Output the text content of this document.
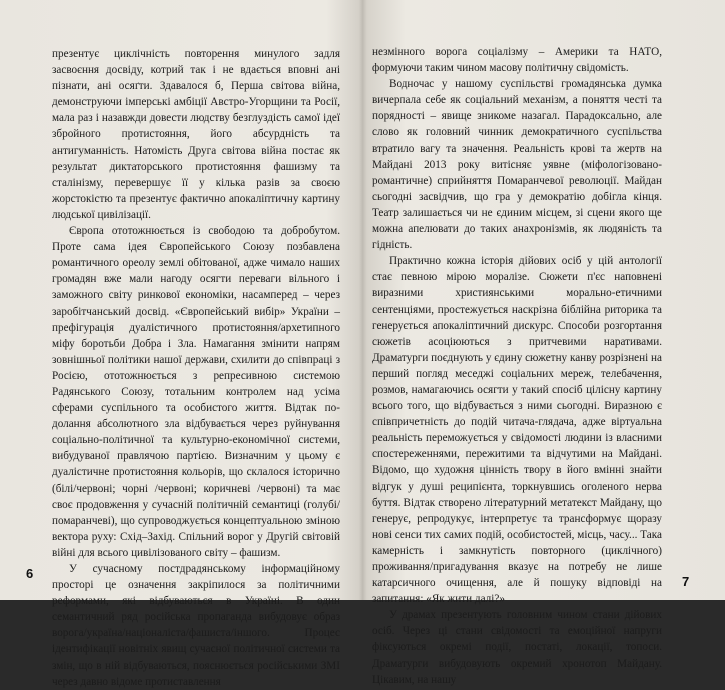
презентує циклічність повторення минулого задля засвоєння досвіду, котрий так і не вдається вповні ані пізнати, ані осяґти. Здавалося б, Перша світова війна, демонструючи імперські амбіції Австро-Угорщини та Росії, мала раз і назавжди довести людству безглуздість самої ідеї збройного протистояння, його абсурдність та антигуманність. Натомість Друга світова війна постає як результат диктаторського протистояння фашизму та сталінізму, перевершує її у кілька разів за своєю жорстокістю та презентує фактично апокаліптичну картину людської цивілізації.

Європа ототожнюється із свободою та добробутом. Проте сама ідея Європейського Союзу позбавлена романтичного ореолу землі обітованої, адже чимало наших громадян вже мали нагоду осягти переваги вільного і заможного світу ринкової економіки, насамперед – через заробітчанський досвід. «Європейський вибір» України – префігурація дуалістичного протистояння/архетипного міфу боротьби Добра і Зла. Намагання змінити напрям зовнішньої політики нашої держави, схилити до співпраці з Росією, ототожнюється з репресивною системою Радянського Союзу, тотальним контролем над усіма сферами суспільного та особистого життя. Відтак по-долання абсолютного зла відбувається через руйнування соціально-політичної та культурно-економічної системи, вибудуваної правлячою партією. Визначним у цьому є дуалістичне протистояння кольорів, що склалося історично (білі/червоні; чорні /червоні; коричневі /червоні) та має своє продовження у сучасній політичній семантиці (голубі/помаранчеві), що супроводжується концептуальною зміною вектора руху: Схід–Захід. Спільний ворог у Другій світовій війні для всього цивілізованого світу – фашизм.

У сучасному постдрадянському інформаційному просторі це означення закріпилося за політичними реформами, які відбуваються в Україні. В один семантичний ряд російська пропаганда вибудовує образ ворога/україна/націоналіста/фашиста/іншого. Процес ідентифікації новітніх явищ сучасної політичної системи та змін, що в ній відбуваються, пояснюється російськими ЗМІ через давно відоме протиставлення

незмінного ворога соціалізму – Америки та НАТО, формуючи таким чином масову політичну свідомість.

Водночас у нашому суспільстві громадянська думка вичерпала себе як соціальний механізм, а поняття честі та порядності – явище зникоме назагал. Парадоксально, але слово як головний чинник демократичного суспільства втратило вагу та значення. Реальність крові та жертв на Майдані 2013 року витісняє уявне (міфологізовано-романтичне) сприйняття Помаранчевої революції. Майдан сьогодні засвідчив, що гра у демократію добігла кінця. Театр залишається чи не єдиним місцем, зі сцени якого ще можна апелювати до таких анахронізмів, як людяність та гідність.

Практично кожна історія дійових осіб у цій антології стає певною мірою моралізе. Сюжети п'єс наповнені виразними християнськими морально-етичними сентенціями, простежується наскрізна біблійна риторика та генерується апокаліптичний дискурс. Способи розгортання сюжетів асоціюються з притчевими наративами. Драматурги поєднують у єдину сюжетну канву розрізнені на перший погляд меседжі соціальних мереж, телебачення, розмов, намагаючись осягти у такий спосіб цілісну картину всього того, що відбувається з ними сьогодні. Виразною є співпричетність до подій читача-глядача, адже віртуальна реальність переможується у свідомості людини із власними спостереженнями, пережитими та відчутими на Майдані. Відомо, що художня цінність твору в його вмінні знайти відгук у душі реципієнта, торкнувшись оголеного нерва буття. Відтак створено літературний метатекст Майдану, що генерує, репродукує, інтерпретує та трансформує щоразу нові сенси тих самих подій, особистостей, місць, часу... Така камерність і замкнутість повторного (циклічного) проживання/пригадування вказує на потребу не лише катарсичного очищення, але й пошуку відповіді на запитання: «Як жити далі?»

У драмах презентують головним чином стани дійових осіб. Через ці стани свідомості та емоційної напруги фіксуються окремі події, постаті, локації, топоси. Драматурги вибудовують окремий хронотоп Майдану. Цікавим, на нашу

6
7
